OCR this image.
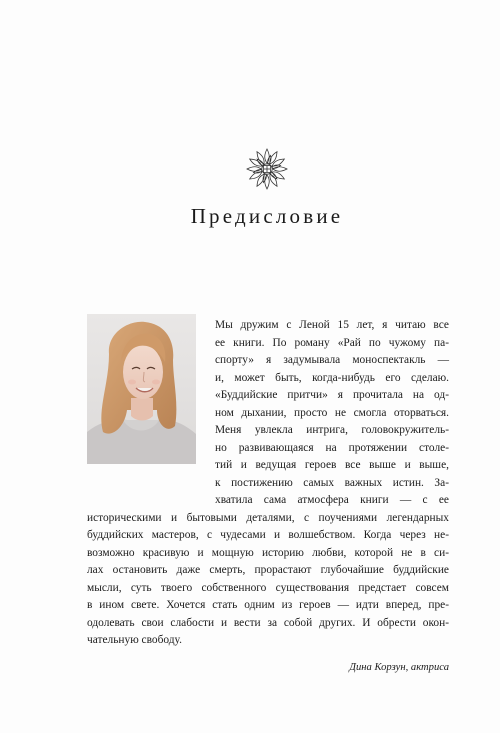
Предисловие
Мы дружим с Леной 15 лет, я читаю все
ее книги. По роману «Рай по чужому па-
спорту» я задумывала моноспектакль —
и, может быть, когда-нибудь его сделаю.
«Буддийские притчи» я прочитала на од-
ном дыхании, просто не смогла оторваться.
Меня увлекла интрига, головокружитель-
но развивающаяся на протяжении столе-
тий и ведущая героев все выше и выше,
к постижению самых важных истин. За-
хватила сама атмосфера книги — с ее
историческими и бытовыми деталями, с поучениями легендарных
буддийских мастеров, с чудесами и волшебством. Когда через не-
возможно красивую и мощную историю любви, которой не в си-
лах остановить даже смерть, прорастают глубочайшие буддийские
мысли, суть твоего собственного существования предстает совсем
в ином свете. Хочется стать одним из героев — идти вперед, пре-
одолевать свои слабости и вести за собой других. И обрести окон-
чательную свободу.
Дина Корзун, актриса
